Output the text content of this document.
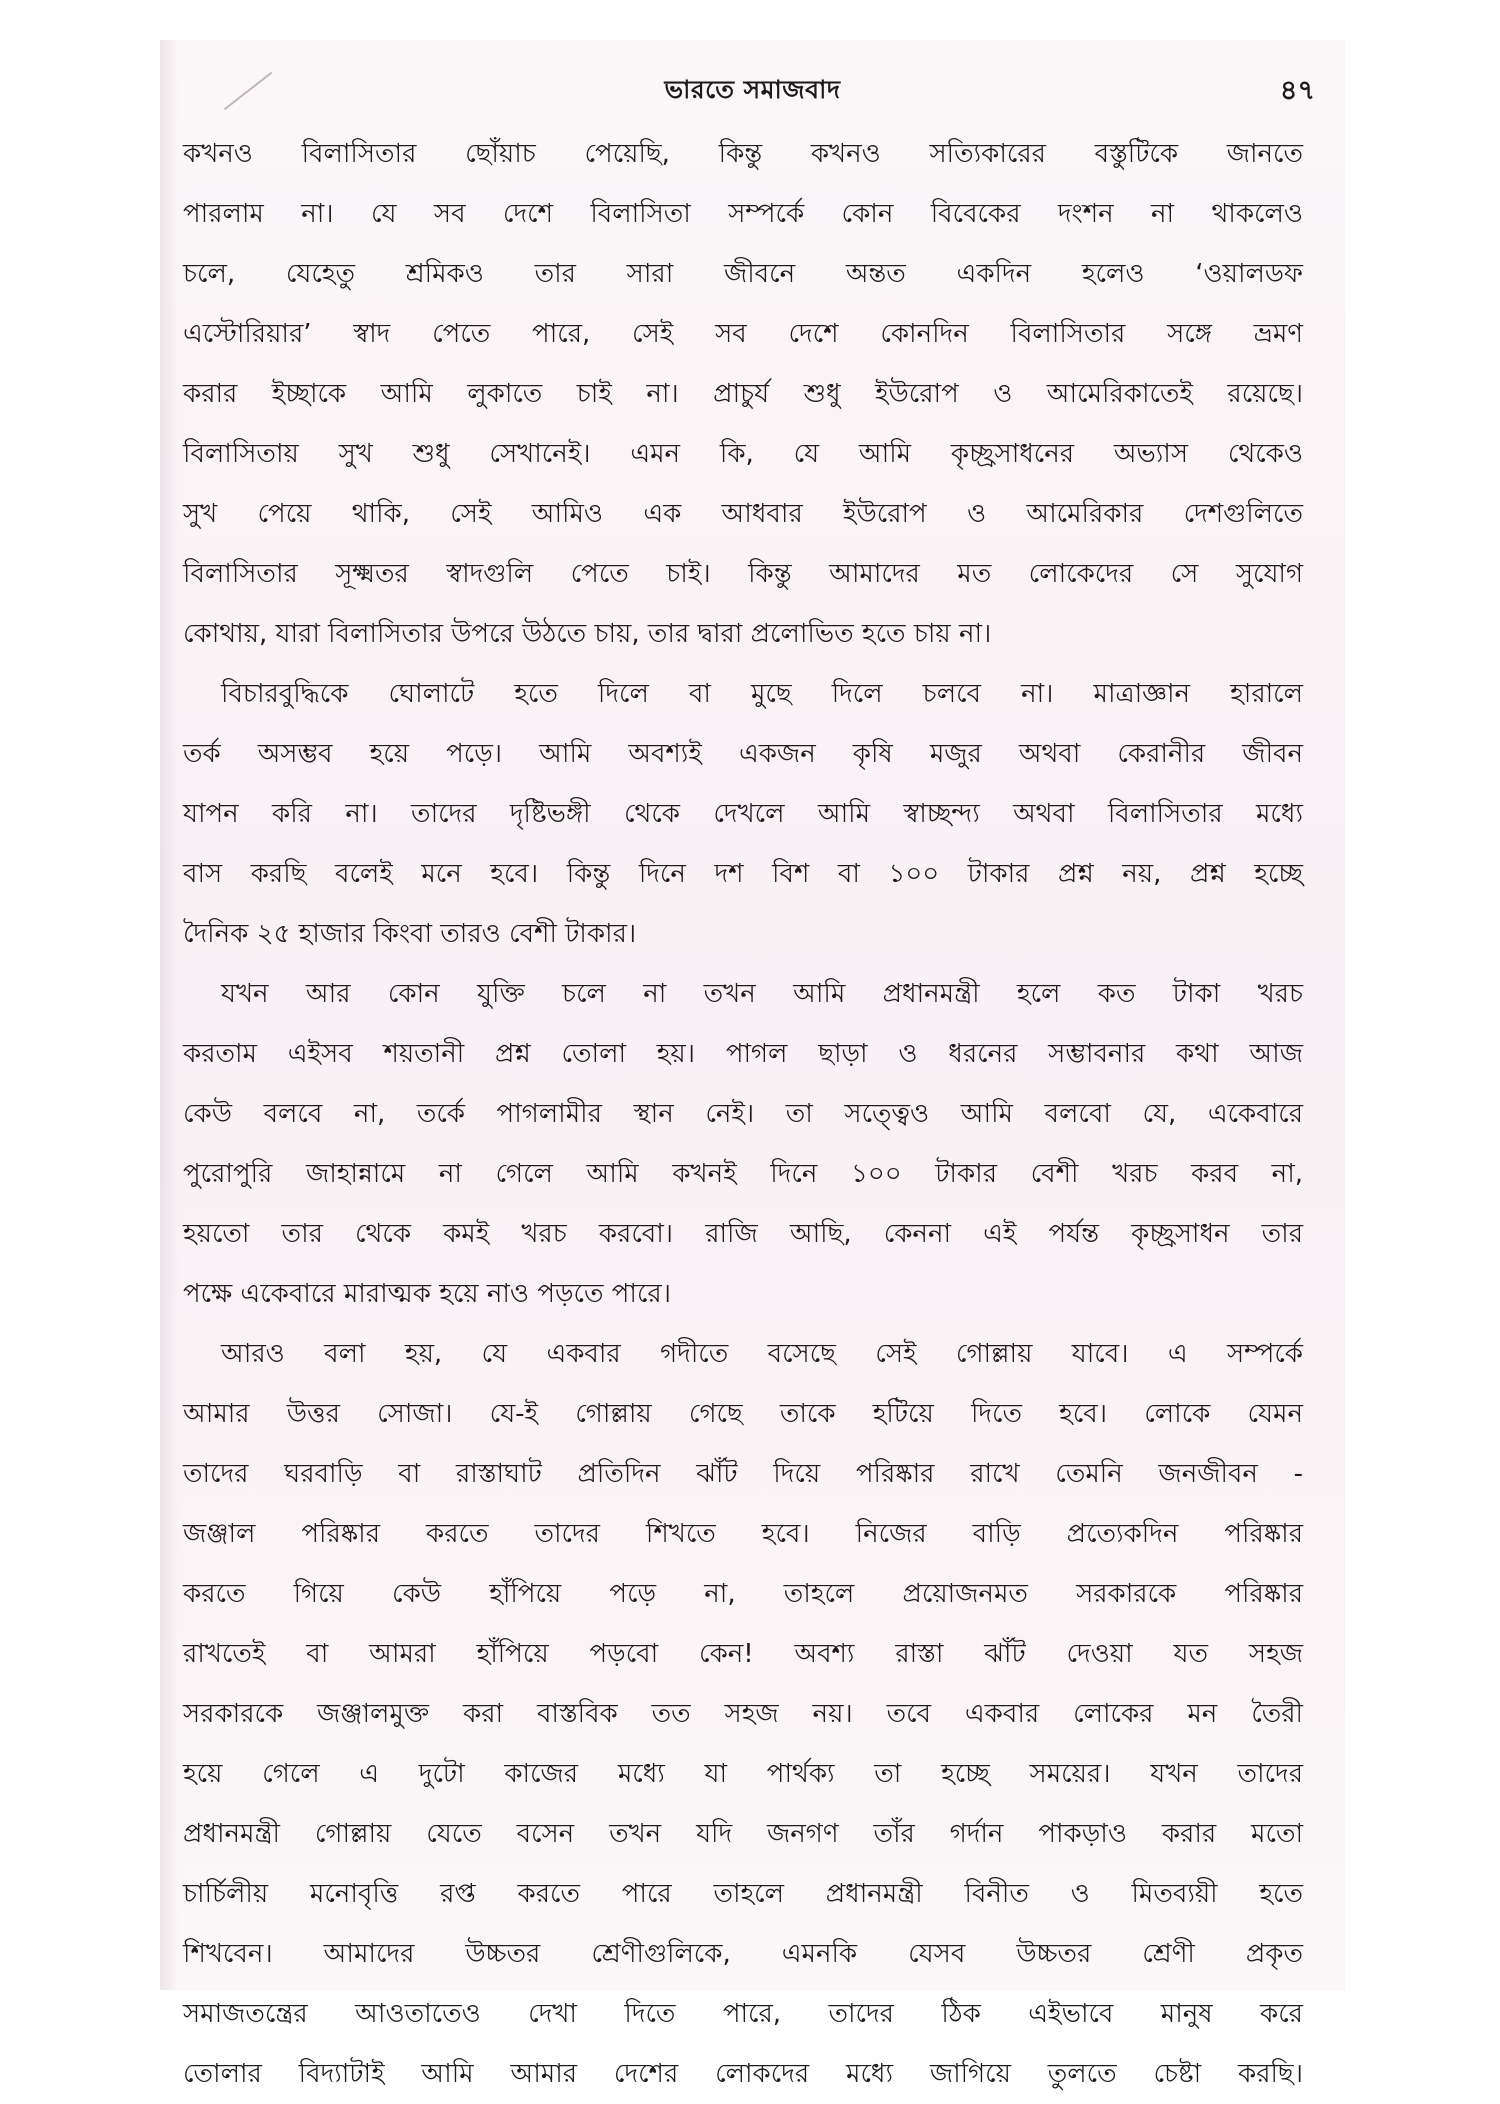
ভারতে সমাজবাদ	৪৭
কখনও বিলাসিতার ছোঁয়াচ পেয়েছি, কিন্তু কখনও সত্যিকারের বস্তুটিকে জানতে
পারলাম না। যে সব দেশে বিলাসিতা সম্পর্কে কোন বিবেকের দংশন না থাকলেও
চলে, যেহেতু শ্রমিকও তার সারা জীবনে অন্তত একদিন হলেও ‘ওয়ালডফ
এস্টোরিয়ার’ স্বাদ পেতে পারে, সেই সব দেশে কোনদিন বিলাসিতার সঙ্গে ভ্রমণ
করার ইচ্ছাকে আমি লুকাতে চাই না। প্রাচুর্য শুধু ইউরোপ ও আমেরিকাতেই রয়েছে।
বিলাসিতায় সুখ শুধু সেখানেই। এমন কি, যে আমি কৃচ্ছ্রসাধনের অভ্যাস থেকেও
সুখ পেয়ে থাকি, সেই আমিও এক আধবার ইউরোপ ও আমেরিকার দেশগুলিতে
বিলাসিতার সূক্ষ্মতর স্বাদগুলি পেতে চাই। কিন্তু আমাদের মত লোকেদের সে সুযোগ
কোথায়, যারা বিলাসিতার উপরে উঠতে চায়, তার দ্বারা প্রলোভিত হতে চায় না।
বিচারবুদ্ধিকে ঘোলাটে হতে দিলে বা মুছে দিলে চলবে না। মাত্রাজ্ঞান হারালে
তর্ক অসম্ভব হয়ে পড়ে। আমি অবশ্যই একজন কৃষি মজুর অথবা কেরানীর জীবন
যাপন করি না। তাদের দৃষ্টিভঙ্গী থেকে দেখলে আমি স্বাচ্ছন্দ্য অথবা বিলাসিতার মধ্যে
বাস করছি বলেই মনে হবে। কিন্তু দিনে দশ বিশ বা ১০০ টাকার প্রশ্ন নয়, প্রশ্ন হচ্ছে
দৈনিক ২৫ হাজার কিংবা তারও বেশী টাকার।
যখন আর কোন যুক্তি চলে না তখন আমি প্রধানমন্ত্রী হলে কত টাকা খরচ
করতাম এইসব শয়তানী প্রশ্ন তোলা হয়। পাগল ছাড়া ও ধরনের সম্ভাবনার কথা আজ
কেউ বলবে না, তর্কে পাগলামীর স্থান নেই। তা সত্ত্বেও আমি বলবো যে, একেবারে
পুরোপুরি জাহান্নামে না গেলে আমি কখনই দিনে ১০০ টাকার বেশী খরচ করব না,
হয়তো তার থেকে কমই খরচ করবো। রাজি আছি, কেননা এই পর্যন্ত কৃচ্ছ্রসাধন তার
পক্ষে একেবারে মারাত্মক হয়ে নাও পড়তে পারে।
আরও বলা হয়, যে একবার গদীতে বসেছে সেই গোল্লায় যাবে। এ সম্পর্কে
আমার উত্তর সোজা। যে-ই গোল্লায় গেছে তাকে হটিয়ে দিতে হবে। লোকে যেমন
তাদের ঘরবাড়ি বা রাস্তাঘাট প্রতিদিন ঝাঁট দিয়ে পরিষ্কার রাখে তেমনি জনজীবন -
জঞ্জাল পরিষ্কার করতে তাদের শিখতে হবে। নিজের বাড়ি প্রত্যেকদিন পরিষ্কার
করতে গিয়ে কেউ হাঁপিয়ে পড়ে না, তাহলে প্রয়োজনমত সরকারকে পরিষ্কার
রাখতেই বা আমরা হাঁপিয়ে পড়বো কেন! অবশ্য রাস্তা ঝাঁট দেওয়া যত সহজ
সরকারকে জঞ্জালমুক্ত করা বাস্তবিক তত সহজ নয়। তবে একবার লোকের মন তৈরী
হয়ে গেলে এ দুটো কাজের মধ্যে যা পার্থক্য তা হচ্ছে সময়ের। যখন তাদের
প্রধানমন্ত্রী গোল্লায় যেতে বসেন তখন যদি জনগণ তাঁর গর্দান পাকড়াও করার মতো
চার্চিলীয় মনোবৃত্তি রপ্ত করতে পারে তাহলে প্রধানমন্ত্রী বিনীত ও মিতব্যয়ী হতে
শিখবেন। আমাদের উচ্চতর শ্রেণীগুলিকে, এমনকি যেসব উচ্চতর শ্রেণী প্রকৃত
সমাজতন্ত্রের আওতাতেও দেখা দিতে পারে, তাদের ঠিক এইভাবে মানুষ করে
তোলার বিদ্যাটাই আমি আমার দেশের লোকদের মধ্যে জাগিয়ে তুলতে চেষ্টা করছি।
